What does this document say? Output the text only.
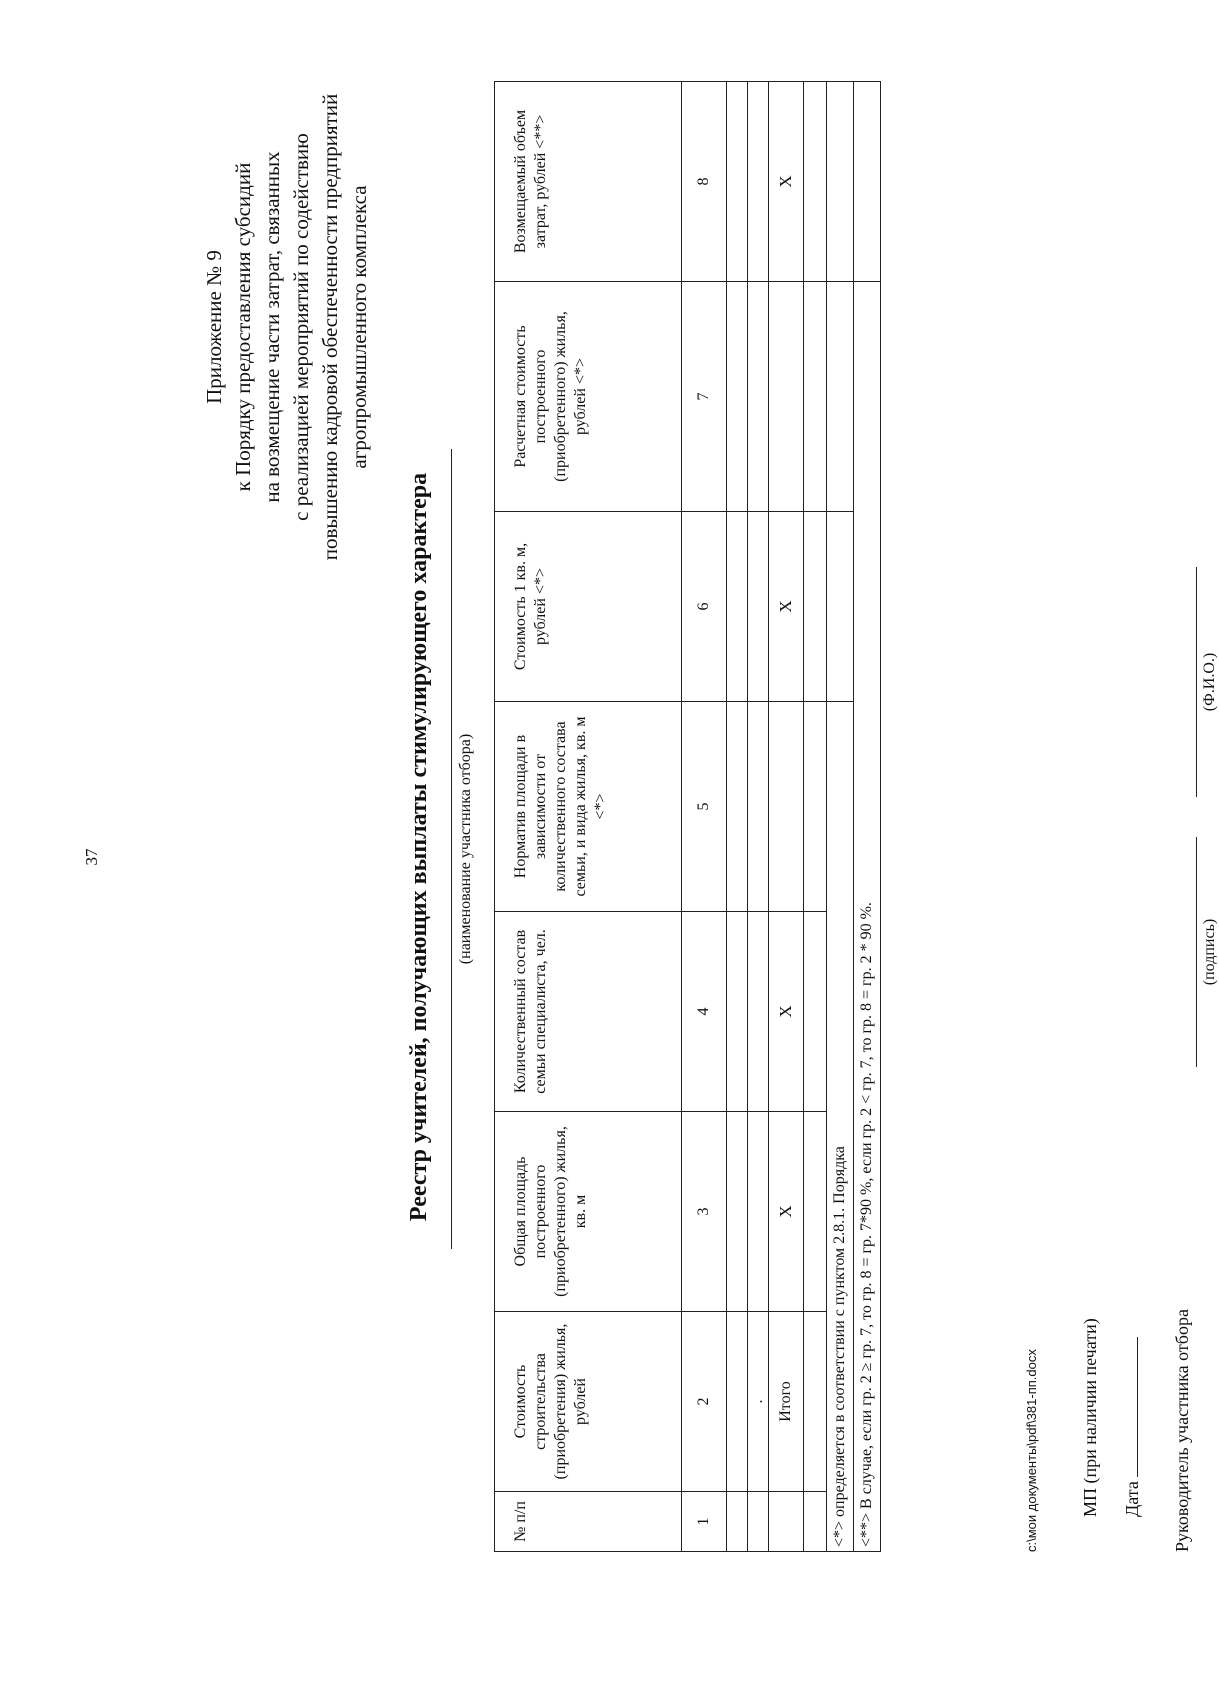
37
Приложение № 9 к Порядку предоставления субсидий на возмещение части затрат, связанных с реализацией мероприятий по содействию повышению кадровой обеспеченности предприятий агропромышленного комплекса
Реестр учителей, получающих выплаты стимулирующего характера (наименование участника отбора)
№ п/п	Стоимость строительства (приобретения) жилья, рублей	Общая площадь построенного (приобретенного) жилья, кв. м	Количественный состав семьи специалиста, чел.	Норматив площади в зависимости от количественного состава семьи, и вида жилья, кв. м <*>	Стоимость 1 кв. м, рублей <*>	Расчетная стоимость построенного (приобретенного) жилья, рублей <*>	Возмещаемый объем затрат, рублей <**>
1	2	3	4	5	6	7	8

	.						
	Итого	X	X		X		X

<*> определяется в соответствии с пунктом 2.8.1. Порядка							
<**> В случае, если гр. 2 ≥ гр. 7, то гр. 8 = гр. 7*90 %, если гр. 2 < гр. 7, то гр. 8 = гр. 2 * 90 %.								Руководитель участника отбора
(подпись)
(Ф.И.О.)
Дата
МП (при наличии печати)
c:\мои документы\pdf\381-пп.docx
